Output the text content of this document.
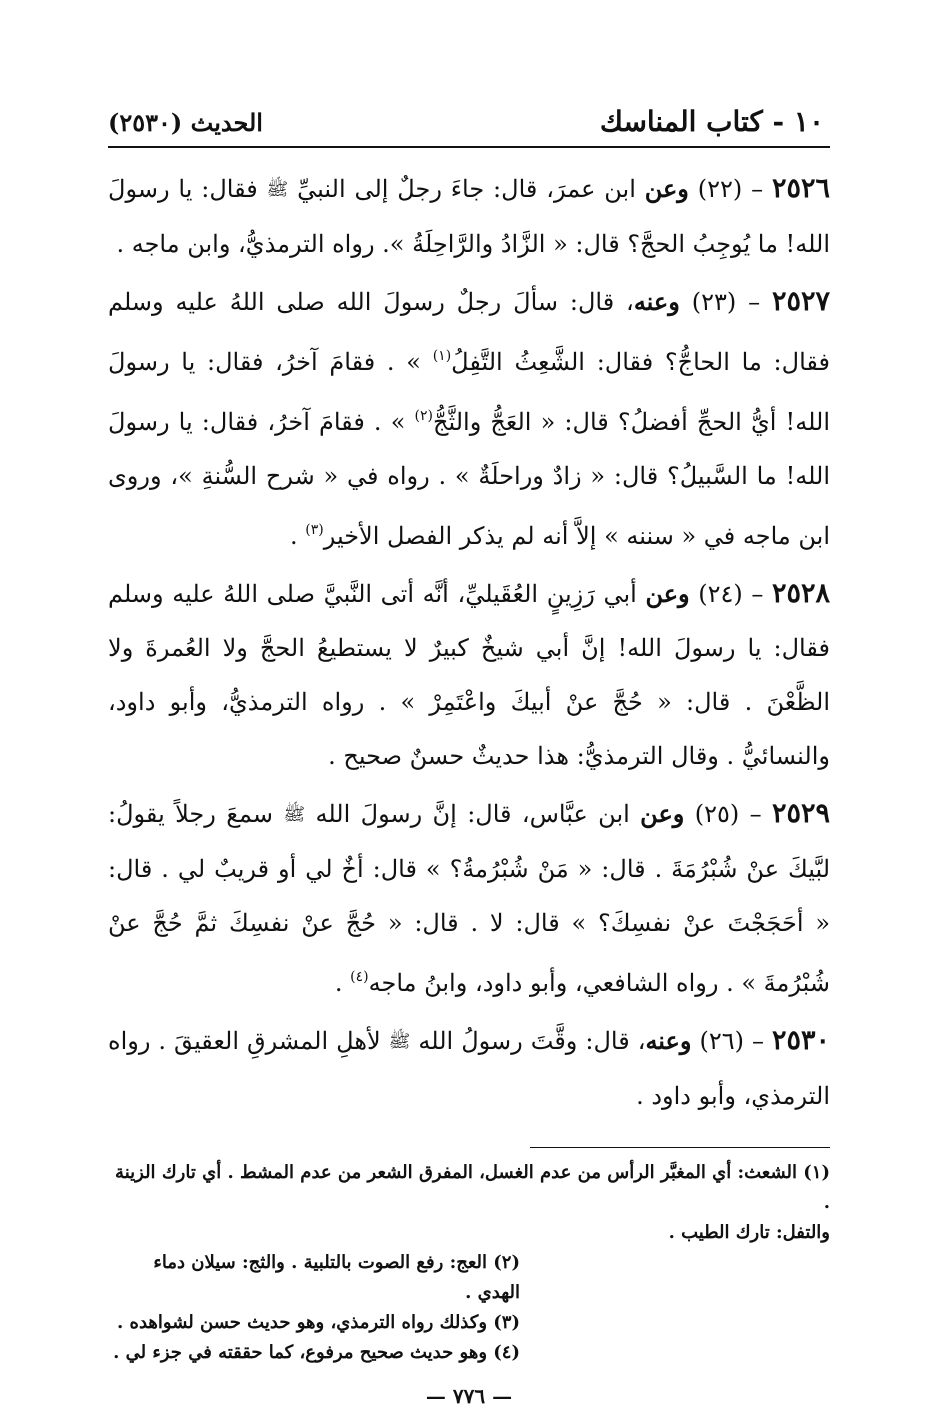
١٠ - كتاب المناسك
الحديث (٢٥٣٠)

٢٥٢٦ – (٢٢) وعن ابن عمرَ، قال: جاءَ رجلٌ إلى النبيِّ ﷺ فقال: يا رسولَ الله! ما يُوجِبُ الحجَّ؟ قال: « الزَّادُ والرَّاحِلَةُ ». رواه الترمذيُّ، وابن ماجه .

٢٥٢٧ – (٢٣) وعنه، قال: سألَ رجلٌ رسولَ الله صلى اللهُ عليه وسلم فقال: ما الحاجُّ؟ فقال: الشَّعِثُ التَّفِلُ$^{(١)}$ » . فقامَ آخرُ، فقال: يا رسولَ الله! أيُّ الحجِّ أفضلُ؟ قال: « العَجُّ والثَّجُّ$^{(٢)}$ » . فقامَ آخرُ، فقال: يا رسولَ الله! ما السَّبيلُ؟ قال: « زادٌ وراحلَةٌ » . رواه في « شرح السُّنةِ »، وروى ابن ماجه في « سننه » إلاَّ أنه لم يذكر الفصل الأخير$^{(٣)}$ .

٢٥٢٨ – (٢٤) وعن أبي رَزِينٍ العُقَيليِّ، أنَّه أتى النَّبيَّ صلى اللهُ عليه وسلم فقال: يا رسولَ الله! إنَّ أبي شيخٌ كبيرٌ لا يستطيعُ الحجَّ ولا العُمرةَ ولا الظَّعْنَ . قال: « حُجَّ عنْ أبيكَ واعْتَمِرْ » . رواه الترمذيُّ، وأبو داود، والنسائيُّ . وقال الترمذيُّ: هذا حديثٌ حسنٌ صحيح .

٢٥٢٩ – (٢٥) وعن ابن عبَّاس، قال: إنَّ رسولَ الله ﷺ سمعَ رجلاً يقولُ: لبَّيكَ عنْ شُبْرُمَةَ . قال: « مَنْ شُبْرُمةُ؟ » قال: أخٌ لي أو قريبٌ لي . قال: « أحَجَجْتَ عنْ نفسِكَ؟ » قال: لا . قال: « حُجَّ عنْ نفسِكَ ثمَّ حُجَّ عنْ شُبْرُمةَ » . رواه الشافعي، وأبو داود، وابنُ ماجه$^{(٤)}$ .

٢٥٣٠ – (٢٦) وعنه، قال: وقَّتَ رسولُ الله ﷺ لأهلِ المشرقِ العقيقَ . رواه الترمذي، وأبو داود .

(١) الشعث: أي المغبَّر الرأس من عدم الغسل، المفرق الشعر من عدم المشط . أي تارك الزينة .

والتفل: تارك الطيب .

(٢) العج: رفع الصوت بالتلبية . والثج: سيلان دماء الهدي .

(٣) وكذلك رواه الترمذي، وهو حديث حسن لشواهده .

(٤) وهو حديث صحيح مرفوع، كما حققته في جزء لي .

— ٧٧٦ —
